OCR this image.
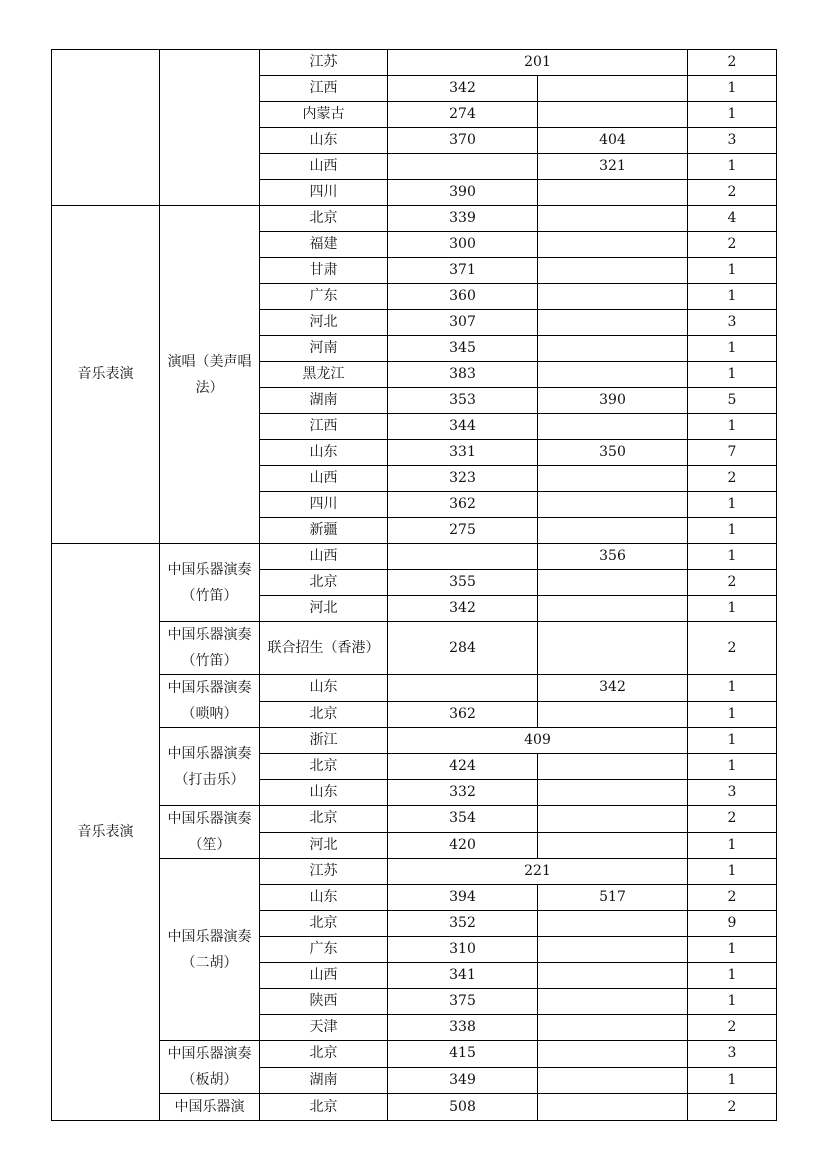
		江苏	201		2
		江西	342		1
		内蒙古	274		1
		山东	370	404	3
		山西		321	1
		四川	390		2
音乐表演	演唱（美声唱法）	北京	339		4
		福建	300		2
		甘肃	371		1
		广东	360		1
		河北	307		3
		河南	345		1
		黑龙江	383		1
		湖南	353	390	5
		江西	344		1
		山东	331	350	7
		山西	323		2
		四川	362		1
		新疆	275		1
音乐表演	中国乐器演奏（竹笛）	山西		356	1
		北京	355		2
		河北	342		1
	中国乐器演奏（竹笛）	联合招生（香港）	284		2
	中国乐器演奏（唢呐）	山东		342	1
		北京	362		1
	中国乐器演奏（打击乐）	浙江	409		1
		北京	424		1
		山东	332		3
	中国乐器演奏（笙）	北京	354		2
		河北	420		1
	中国乐器演奏（二胡）	江苏	221		1
		山东	394	517	2
		北京	352		9
		广东	310		1
		山西	341		1
		陕西	375		1
		天津	338		2
	中国乐器演奏（板胡）	北京	415		3
		湖南	349		1
	中国乐器演	北京	508		2
